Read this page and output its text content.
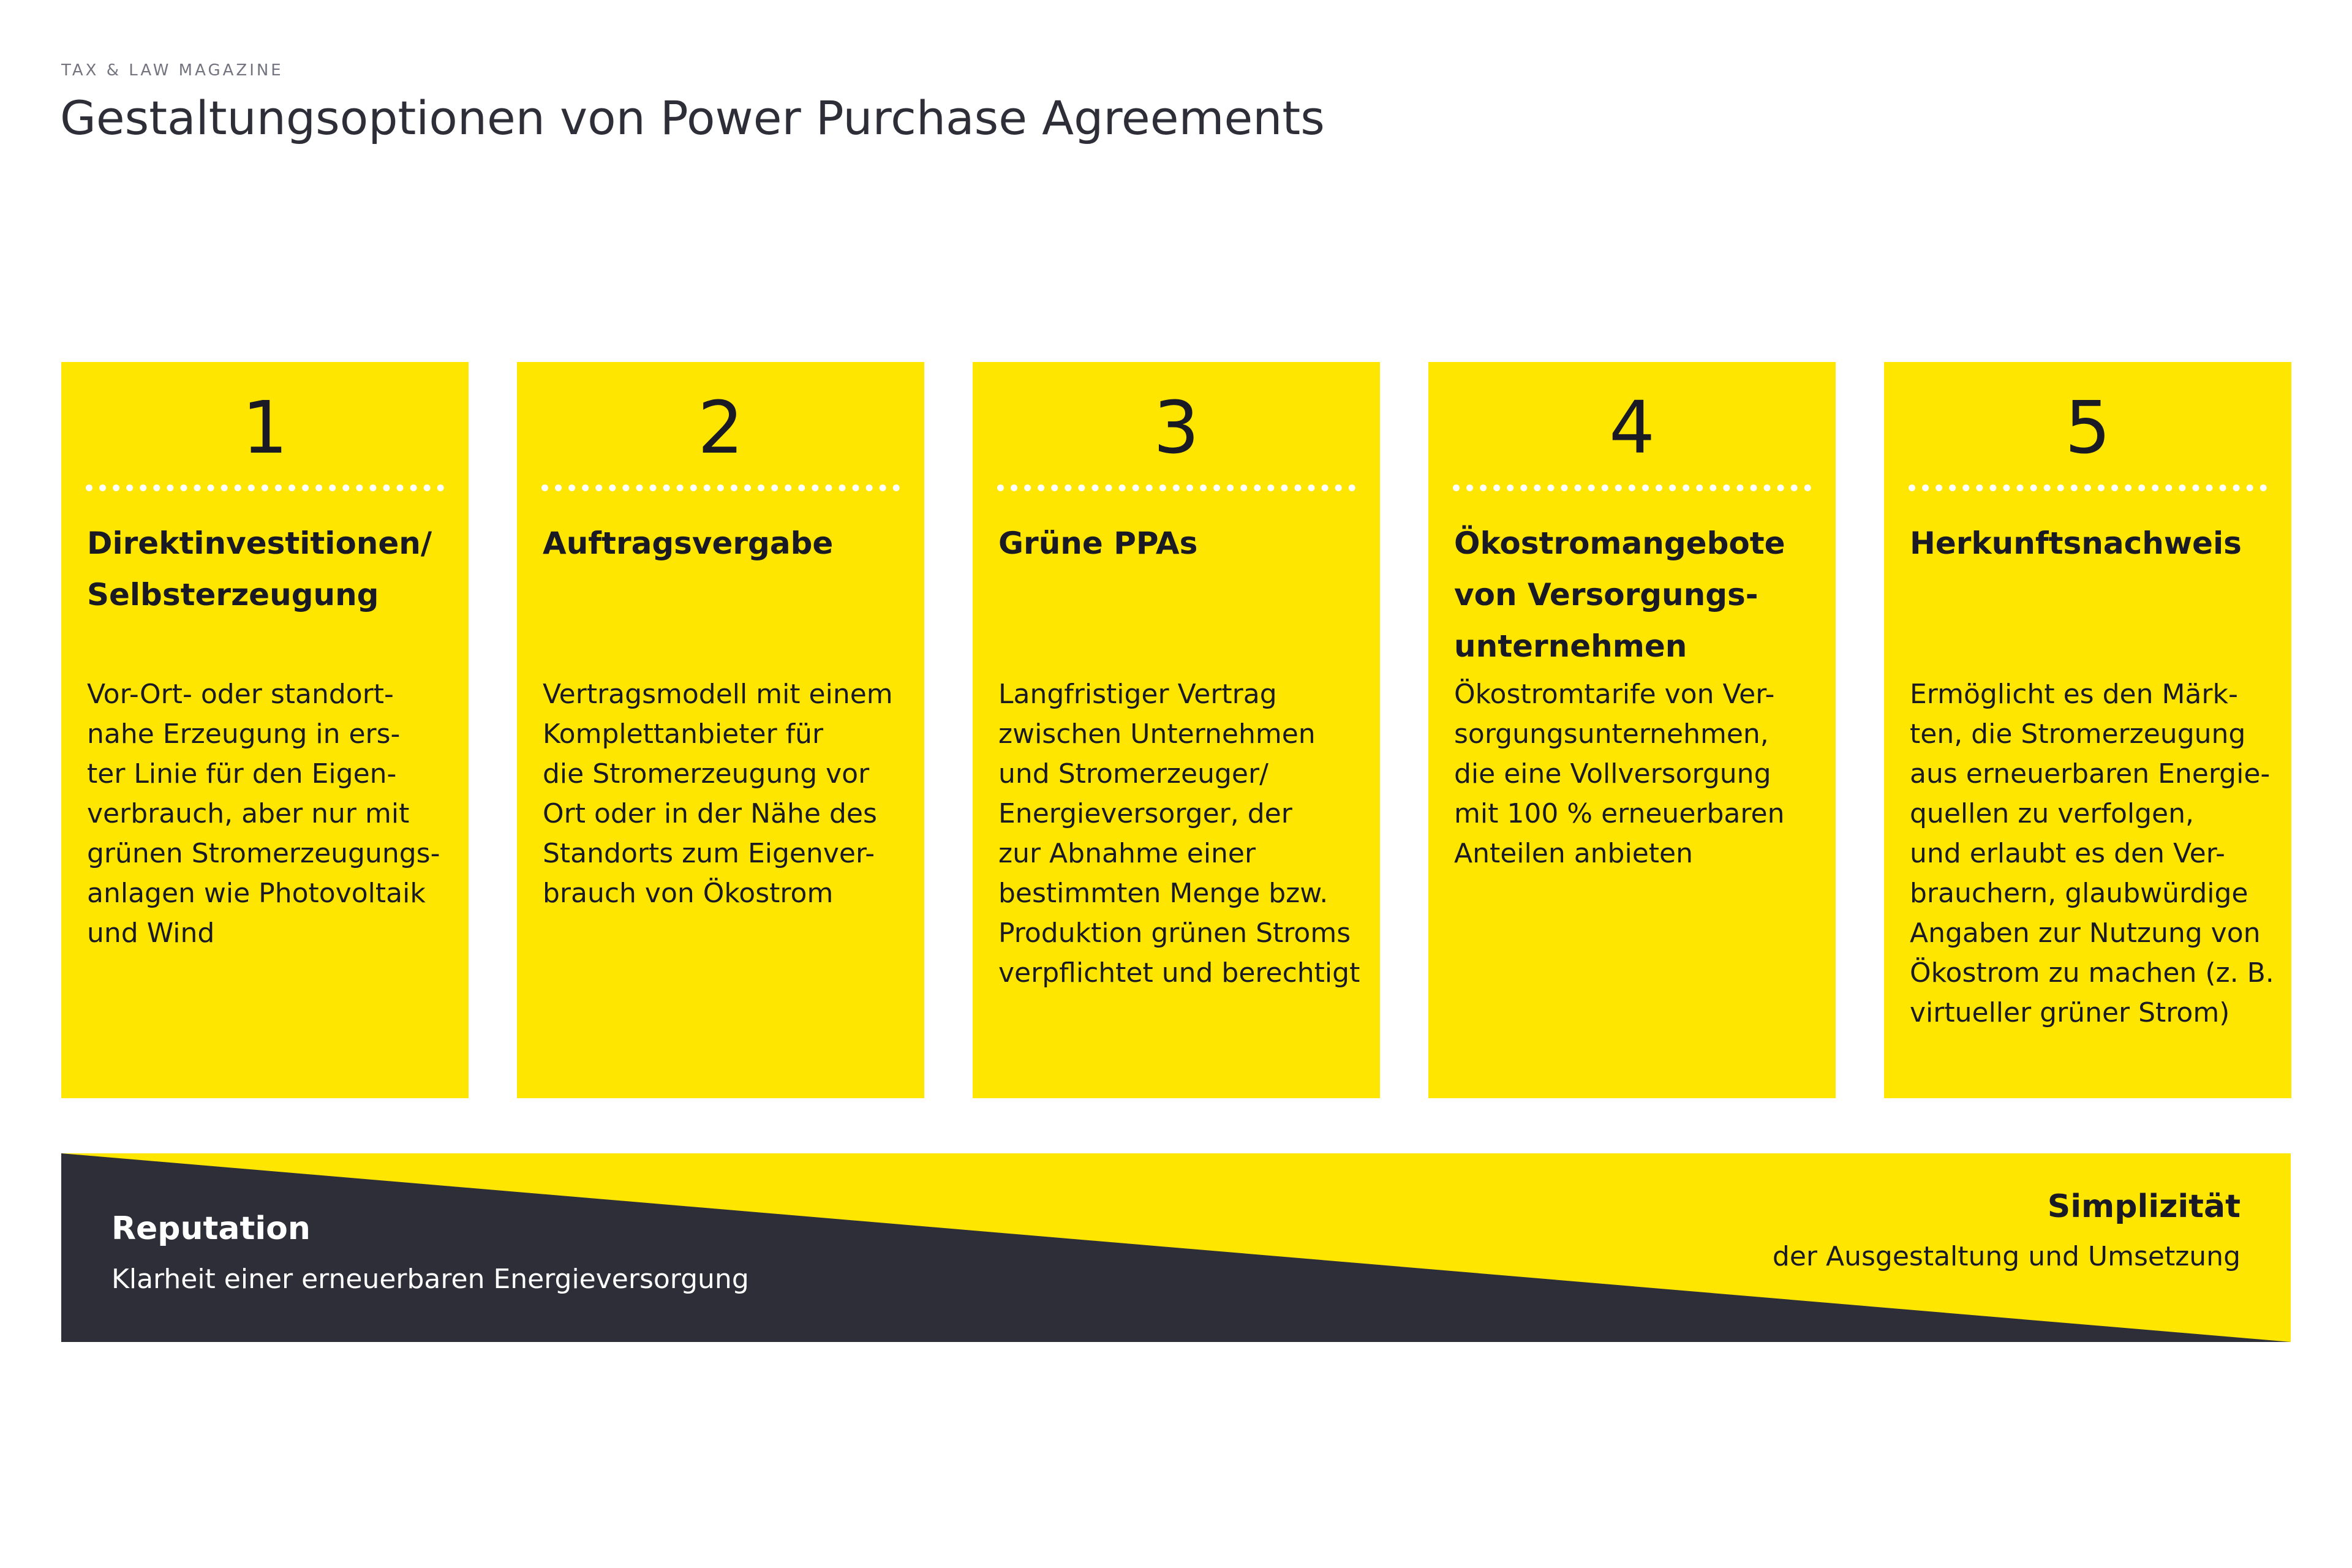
TAX & LAW MAGAZINE
Gestaltungsoptionen von Power Purchase Agreements
1
Direktinvestitionen/
Selbsterzeugung
Vor-Ort- oder standort-
nahe Erzeugung in ers-
ter Linie für den Eigen-
verbrauch, aber nur mit
grünen Stromerzeugungs-
anlagen wie Photovoltaik
und Wind
2
Auftragsvergabe
Vertragsmodell mit einem
Komplettanbieter für
die Stromerzeugung vor
Ort oder in der Nähe des
Standorts zum Eigenver-
brauch von Ökostrom
3
Grüne PPAs
Langfristiger Vertrag
zwischen Unternehmen
und Stromerzeuger/
Energieversorger, der
zur Abnahme einer
bestimmten Menge bzw.
Produktion grünen Stroms
verpflichtet und berechtigt
4
Ökostromangebote
von Versorgungs-
unternehmen
Ökostromtarife von Ver-
sorgungsunternehmen,
die eine Vollversorgung
mit 100 % erneuerbaren
Anteilen anbieten
5
Herkunftsnachweis
Ermöglicht es den Märk-
ten, die Stromerzeugung
aus erneuerbaren Energie-
quellen zu verfolgen,
und erlaubt es den Ver-
brauchern, glaubwürdige
Angaben zur Nutzung von
Ökostrom zu machen (z. B.
virtueller grüner Strom)
Reputation
Klarheit einer erneuerbaren Energieversorgung
Simplizität
der Ausgestaltung und Umsetzung
